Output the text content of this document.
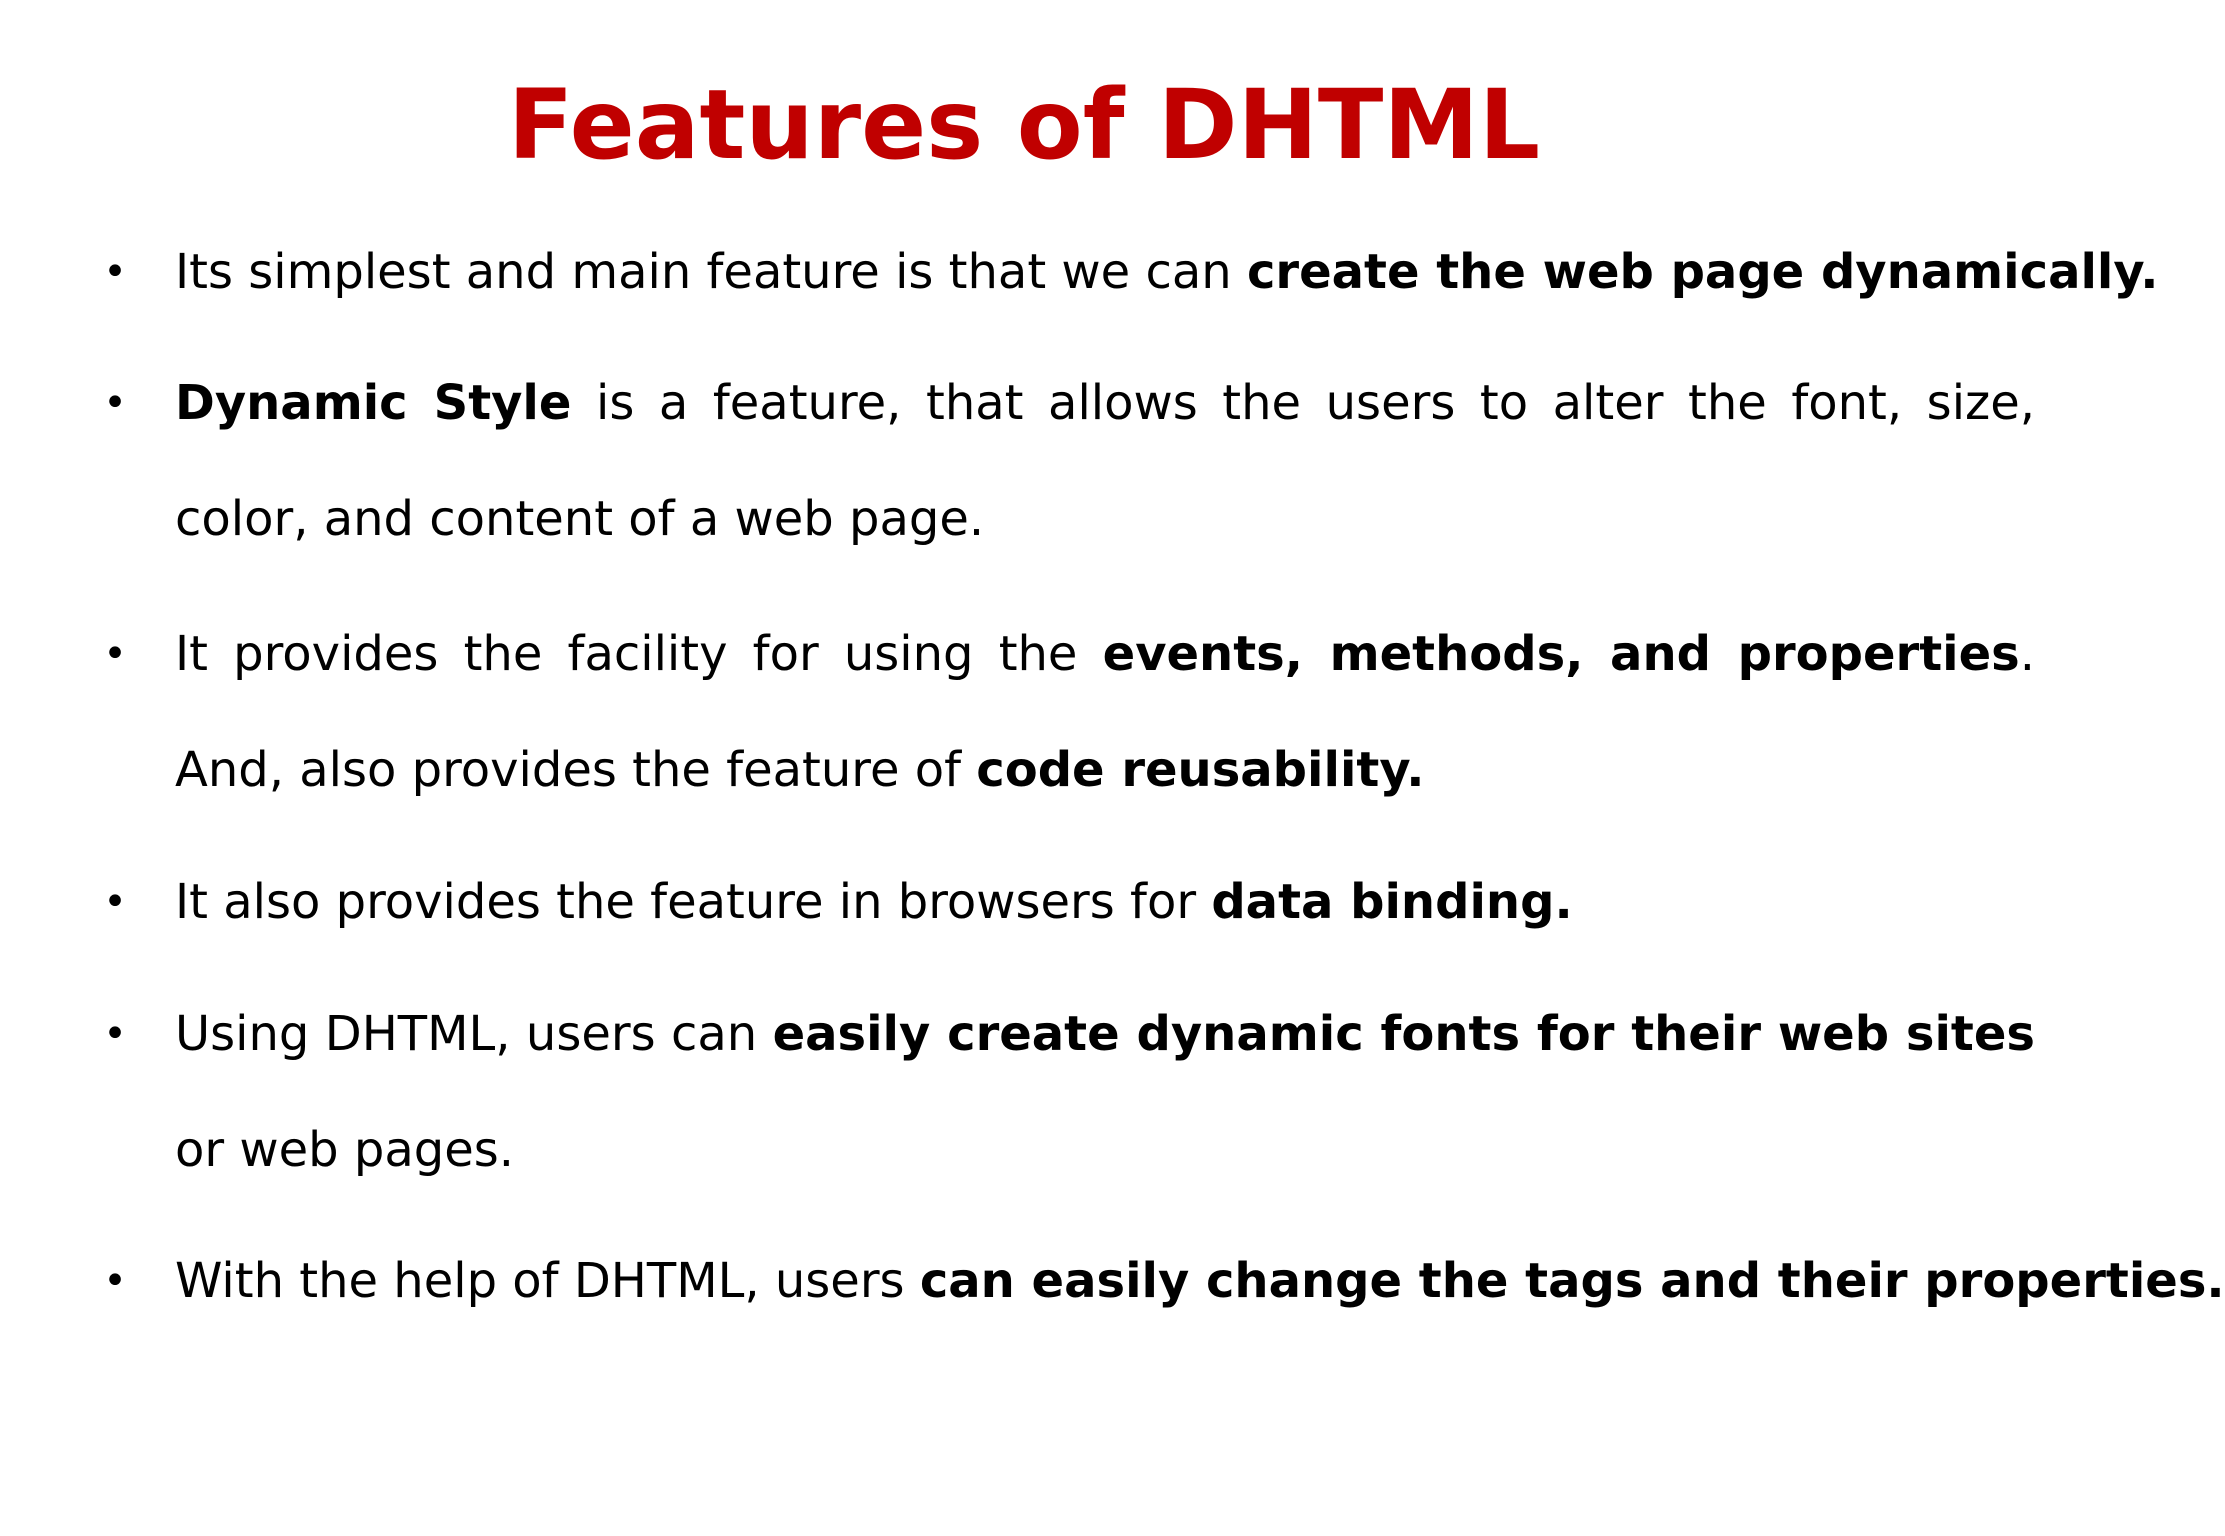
Features of DHTML
• Its simplest and main feature is that we can create the web page dynamically.
• Dynamic Style is a feature, that allows the users to alter the font, size, color, and content of a web page.
• It provides the facility for using the events, methods, and properties. And, also provides the feature of code reusability.
• It also provides the feature in browsers for data binding.
• Using DHTML, users can easily create dynamic fonts for their web sites or web pages.
• With the help of DHTML, users can easily change the tags and their properties.
